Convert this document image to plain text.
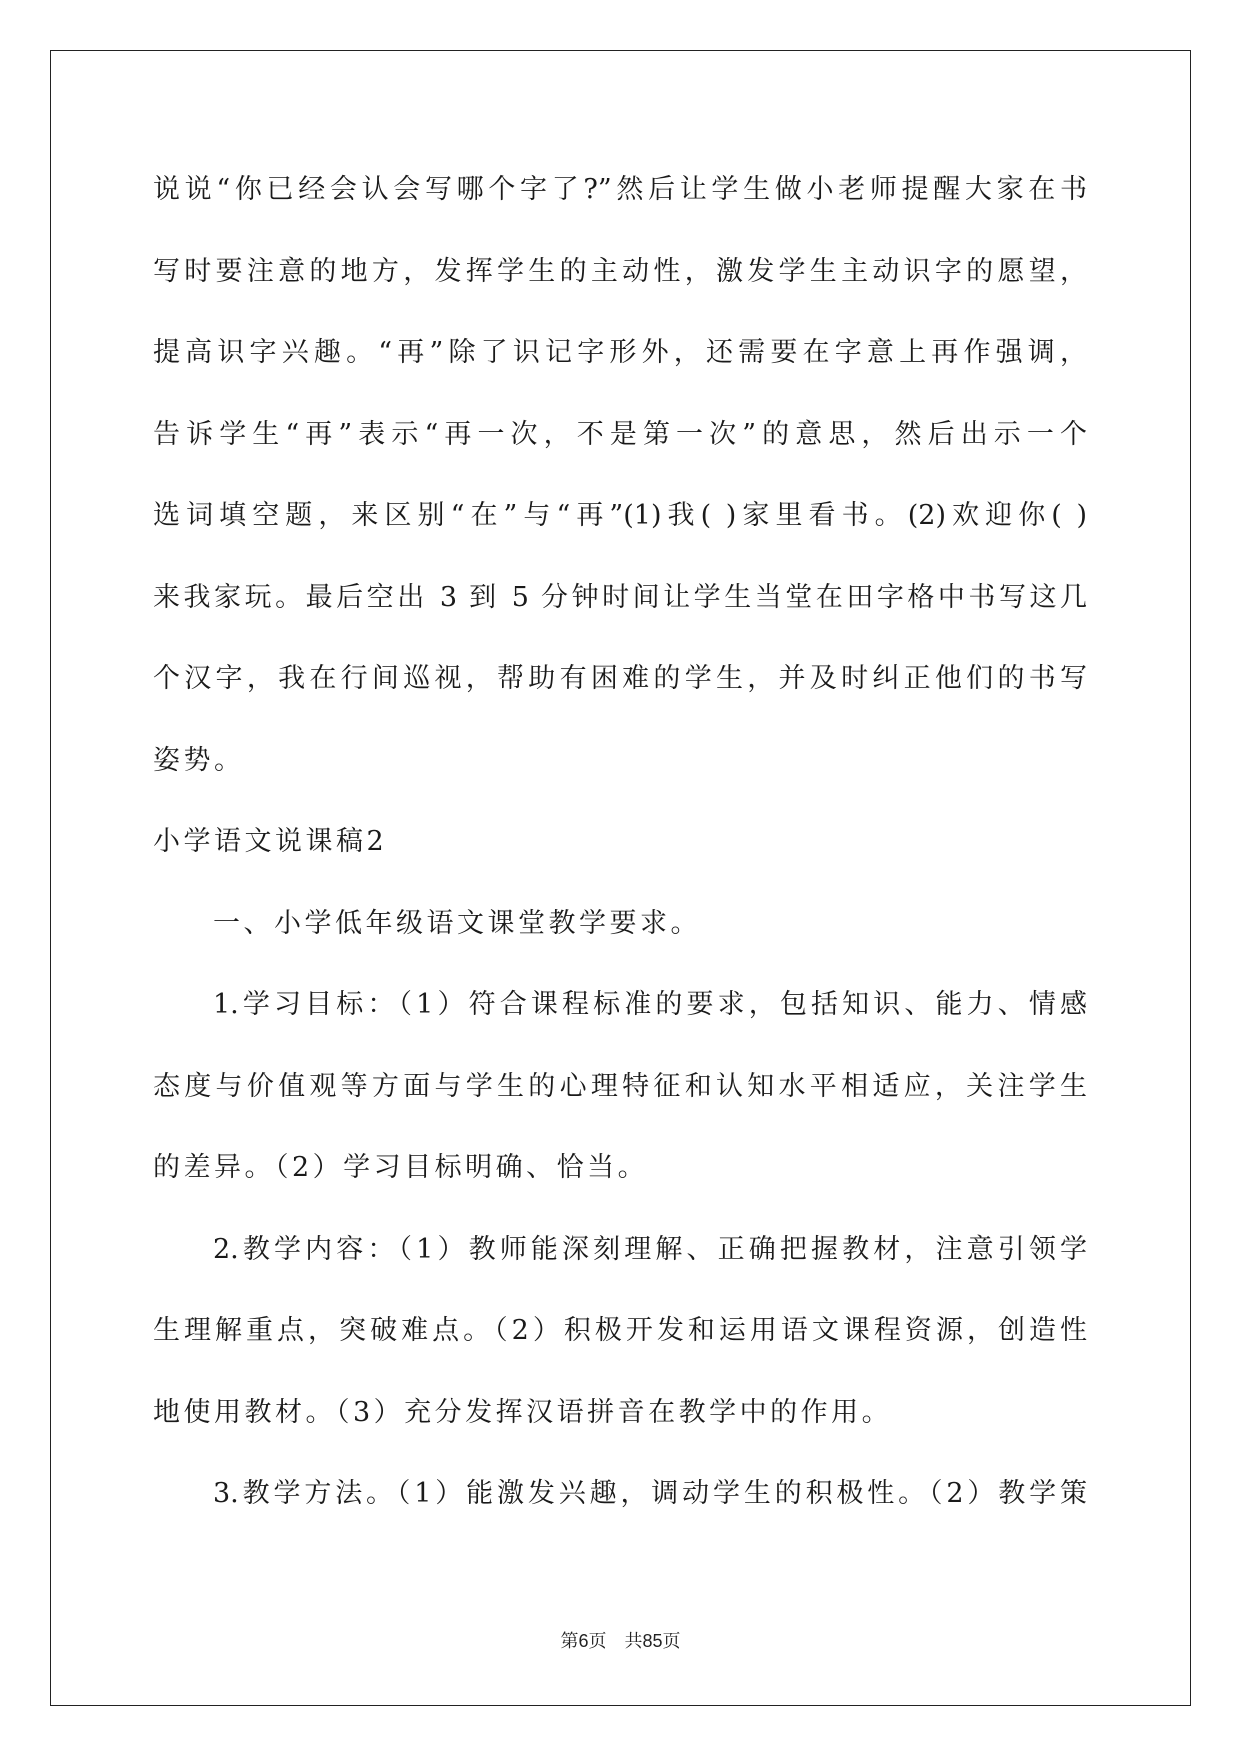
说说“你已经会认会写哪个字了?”然后让学生做小老师提醒大家在书
写时要注意的地方，发挥学生的主动性，激发学生主动识字的愿望，
提高识字兴趣。“再”除了识记字形外，还需要在字意上再作强调，
告诉学生“再”表示“再一次，不是第一次”的意思，然后出示一个
选词填空题，来区别“在”与“再”(1)我( )家里看书。(2)欢迎你( )
来我家玩。最后空出 3 到 5 分钟时间让学生当堂在田字格中书写这几
个汉字，我在行间巡视，帮助有困难的学生，并及时纠正他们的书写
姿势。
小学语文说课稿2
一、小学低年级语文课堂教学要求。
1.学习目标：（1）符合课程标准的要求，包括知识、能力、情感
态度与价值观等方面与学生的心理特征和认知水平相适应，关注学生
的差异。（2）学习目标明确、恰当。
2.教学内容：（1）教师能深刻理解、正确把握教材，注意引领学
生理解重点，突破难点。（2）积极开发和运用语文课程资源，创造性
地使用教材。（3）充分发挥汉语拼音在教学中的作用。
3.教学方法。（1）能激发兴趣，调动学生的积极性。（2）教学策
第6页 共85页
